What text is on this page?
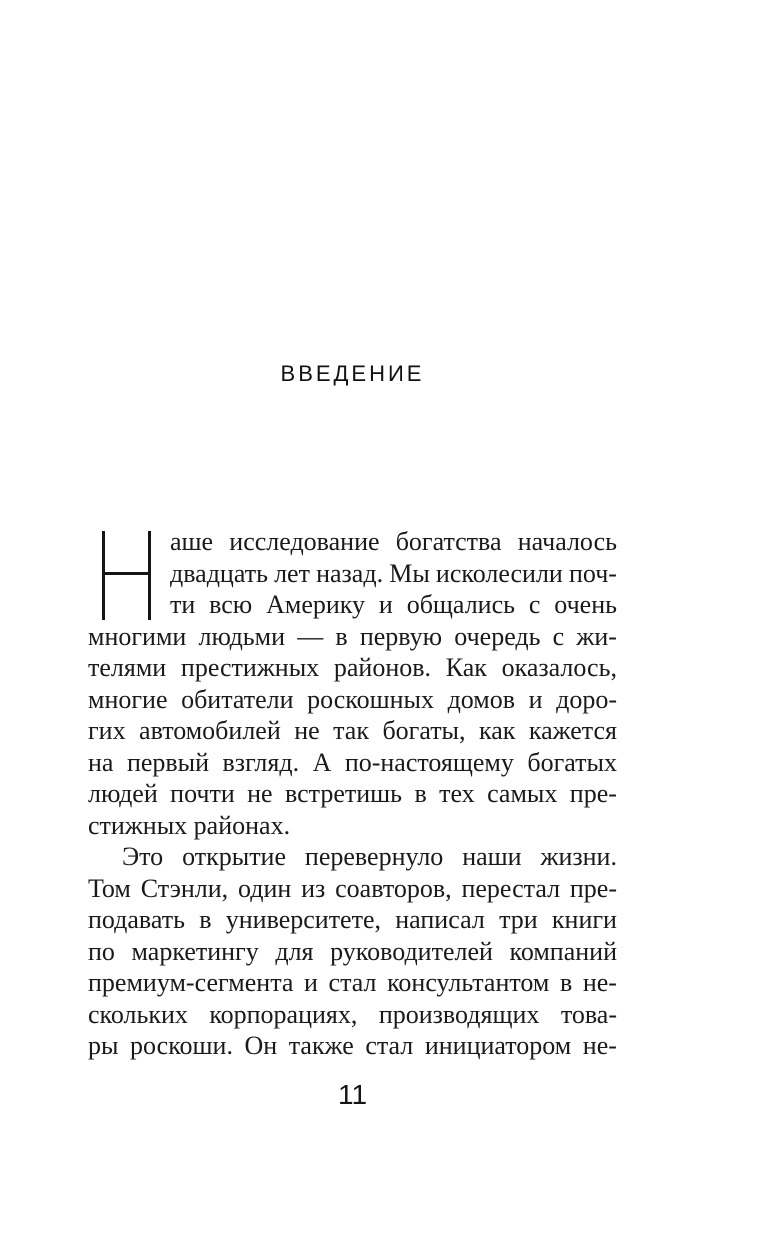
ВВЕДЕНИЕ
аше исследование богатства началось
двадцать лет назад. Мы исколесили поч-
ти всю Америку и общались с очень
многими людьми — в первую очередь с жи-
телями престижных районов. Как оказалось,
многие обитатели роскошных домов и доро-
гих автомобилей не так богаты, как кажется
на первый взгляд. А по-настоящему богатых
людей почти не встретишь в тех самых пре-
стижных районах.
Это открытие перевернуло наши жизни.
Том Стэнли, один из соавторов, перестал пре-
подавать в университете, написал три книги
по маркетингу для руководителей компаний
премиум-сегмента и стал консультантом в не-
скольких корпорациях, производящих това-
ры роскоши. Он также стал инициатором не-
11
